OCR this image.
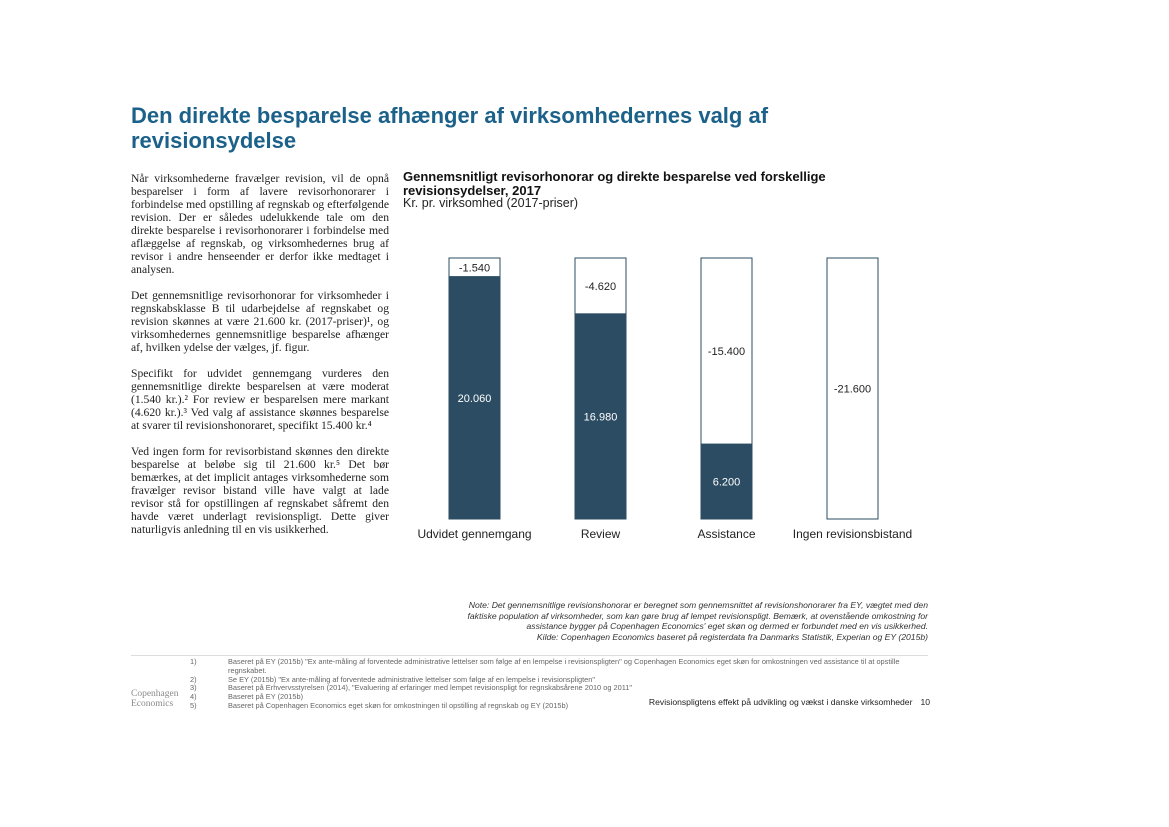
Den direkte besparelse afhænger af virksomhedernes valg af revisionsydelse

Når virksomhederne fravælger revision, vil de opnå besparelser i form af lavere revisorhonorarer i forbindelse med opstilling af regnskab og efterfølgende revision. Der er således udelukkende tale om den direkte besparelse i revisorhonorarer i forbindelse med aflæggelse af regnskab, og virksomhedernes brug af revisor i andre henseender er derfor ikke medtaget i analysen.

Det gennemsnitlige revisorhonorar for virksomheder i regnskabsklasse B til udarbejdelse af regnskabet og revision skønnes at være 21.600 kr. (2017-priser)¹, og virksomhedernes gennemsnitlige besparelse afhænger af, hvilken ydelse der vælges, jf. figur.

Specifikt for udvidet gennemgang vurderes den gennemsnitlige direkte besparelsen at være moderat (1.540 kr.).² For review er besparelsen mere markant (4.620 kr.).³ Ved valg af assistance skønnes besparelse at svarer til revisionshonoraret, specifikt 15.400 kr.⁴

Ved ingen form for revisorbistand skønnes den direkte besparelse at beløbe sig til 21.600 kr.⁵ Det bør bemærkes, at det implicit antages virksomhederne som fravælger revisor bistand ville have valgt at lade revisor stå for opstillingen af regnskabet såfremt den havde været underlagt revisionspligt. Dette giver naturligvis anledning til en vis usikkerhed.

Gennemsnitligt revisorhonorar og direkte besparelse ved forskellige revisionsydelser, 2017
Kr. pr. virksomhed (2017-priser)
20.060
-1.540
Udvidet gennemgang
16.980
-4.620
Review
6.200
-15.400
Assistance
-21.600
Ingen revisionsbistand
Note: Det gennemsnitlige revisionshonorar er beregnet som gennemsnittet af revisionshonorarer fra EY, vægtet med den
faktiske population af virksomheder, som kan gøre brug af lempet revisionspligt. Bemærk, at ovenstående omkostning for
assistance bygger på Copenhagen Economics' eget skøn og dermed er forbundet med en vis usikkerhed.
Kilde: Copenhagen Economics baseret på registerdata fra Danmarks Statistik, Experian og EY (2015b)
1)	Baseret på EY (2015b) "Ex ante-måling af forventede administrative lettelser som følge af en lempelse i revisionspligten" og Copenhagen Economics eget skøn for omkostningen ved assistance til at opstille regnskabet.
2)	Se EY (2015b) "Ex ante-måling af forventede administrative lettelser som følge af en lempelse i revisionspligten"
3)	Baseret på Erhvervsstyrelsen (2014), "Evaluering af erfaringer med lempet revisionspligt for regnskabsårene 2010 og 2011"
4)	Baseret på EY (2015b)
5)	Baseret på Copenhagen Economics eget skøn for omkostningen til opstilling af regnskab og EY (2015b)
Copenhagen
Economics	Revisionspligtens effekt på udvikling og vækst i danske virksomheder 10
